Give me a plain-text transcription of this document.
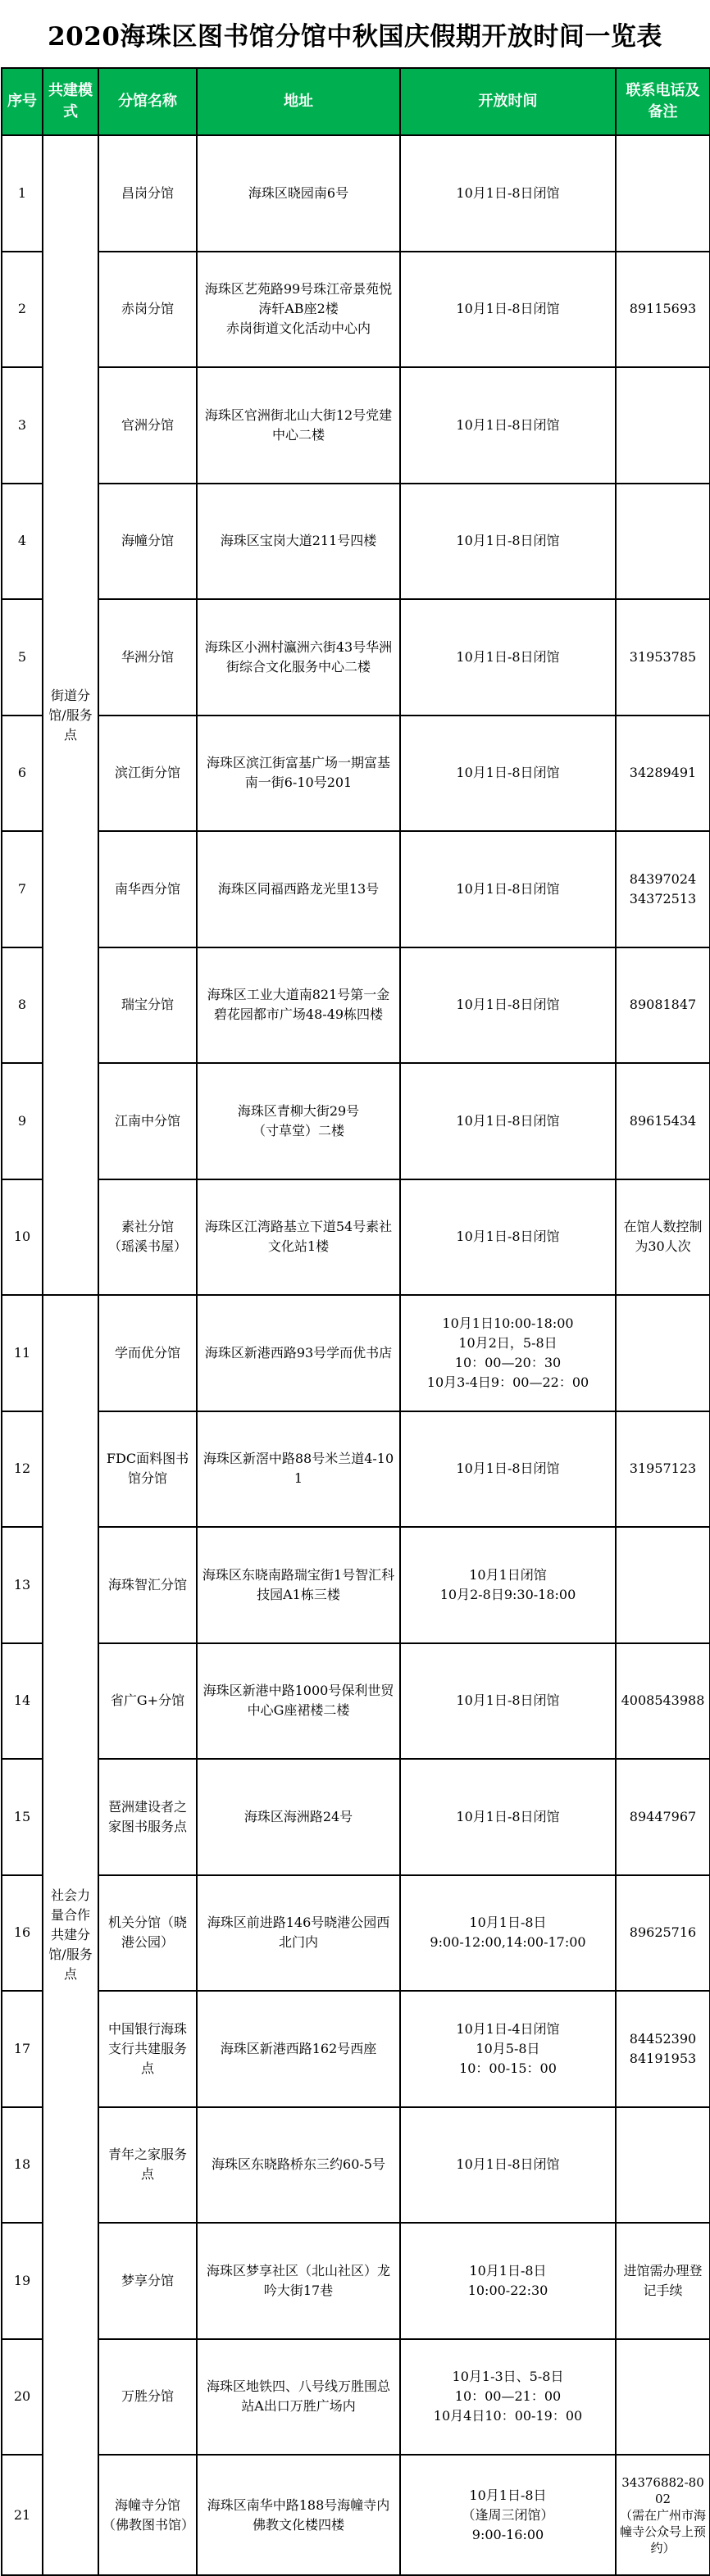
2020海珠区图书馆分馆中秋国庆假期开放时间一览表
序号	共建模式	分馆名称	地址	开放时间	联系电话及备注
1	街道分馆/服务点	昌岗分馆	海珠区晓园南6号	10月1日-8日闭馆	
2		赤岗分馆	海珠区艺苑路99号珠江帝景苑悦涛轩AB座2楼
赤岗街道文化活动中心内	10月1日-8日闭馆	89115693
3		官洲分馆	海珠区官洲街北山大街12号党建中心二楼	10月1日-8日闭馆	
4		海幢分馆	海珠区宝岗大道211号四楼	10月1日-8日闭馆	
5		华洲分馆	海珠区小洲村瀛洲六街43号华洲街综合文化服务中心二楼	10月1日-8日闭馆	31953785
6		滨江街分馆	海珠区滨江街富基广场一期富基南一街6-10号201	10月1日-8日闭馆	34289491
7		南华西分馆	海珠区同福西路龙光里13号	10月1日-8日闭馆	84397024
34372513
8		瑞宝分馆	海珠区工业大道南821号第一金碧花园都市广场48-49栋四楼	10月1日-8日闭馆	89081847
9		江南中分馆	海珠区青柳大街29号
（寸草堂）二楼	10月1日-8日闭馆	89615434
10		素社分馆
（瑶溪书屋）	海珠区江湾路基立下道54号素社文化站1楼	10月1日-8日闭馆	在馆人数控制为30人次
11	社会力量合作共建分馆/服务点	学而优分馆	海珠区新港西路93号学而优书店	10月1日10:00-18:00
10月2日，5-8日
10：00—20：30
10月3-4日9：00—22：00	
12		FDC面料图书馆分馆	海珠区新滘中路88号米兰道4-101	10月1日-8日闭馆	31957123
13		海珠智汇分馆	海珠区东晓南路瑞宝街1号智汇科技园A1栋三楼	10月1日闭馆
10月2-8日9:30-18:00	
14		省广G+分馆	海珠区新港中路1000号保利世贸中心G座裙楼二楼	10月1日-8日闭馆	4008543988
15		琶洲建设者之家图书服务点	海珠区海洲路24号	10月1日-8日闭馆	89447967
16		机关分馆（晓港公园）	海珠区前进路146号晓港公园西北门内	10月1日-8日
9:00-12:00,14:00-17:00	89625716
17		中国银行海珠支行共建服务点	海珠区新港西路162号西座	10月1日-4日闭馆
10月5-8日
10：00-15：00	84452390
84191953
18		青年之家服务点	海珠区东晓路桥东三约60-5号	10月1日-8日闭馆	
19		梦享分馆	海珠区梦享社区（北山社区）龙吟大街17巷	10月1日-8日
10:00-22:30	进馆需办理登记手续
20		万胜分馆	海珠区地铁四、八号线万胜围总站A出口万胜广场内	10月1-3日、5-8日
10：00—21：00
10月4日10：00-19：00	
21		海幢寺分馆（佛教图书馆）	海珠区南华中路188号海幢寺内佛教文化楼四楼	10月1日-8日
（逢周三闭馆）
9:00-16:00	34376882-8002
（需在广州市海幢寺公众号上预约）
